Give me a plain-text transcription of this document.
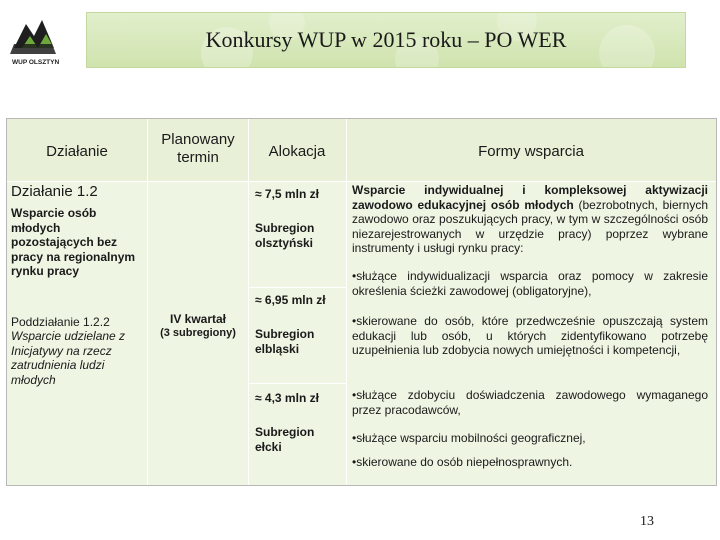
WUP OLSZTYN
Konkursy WUP w 2015 roku – PO WER
Działanie
Planowany termin	Alokacja	Formy wsparcia
Działanie 1.2
Wsparcie osób młodych pozostających bez pracy na regionalnym rynku pracy
Poddziałanie 1.2.2
Wsparcie udzielane z Inicjatywy na rzecz zatrudnienia ludzi młodych
IV kwartał
(3 subregiony)
≈ 7,5 mln zł
Subregion olsztyński
≈ 6,95 mln zł
Subregion elbląski
≈ 4,3 mln zł
Subregion ełcki
Wsparcie indywidualnej i kompleksowej aktywizacji zawodowo edukacyjnej osób młodych (bezrobotnych, biernych zawodowo oraz poszukujących pracy, w tym w szczególności osób niezarejestrowanych w urzędzie pracy) poprzez wybrane instrumenty i usługi rynku pracy:
•służące indywidualizacji wsparcia oraz pomocy w zakresie określenia ścieżki zawodowej (obligatoryjne),
•skierowane do osób, które przedwcześnie opuszczają system edukacji lub osób, u których zidentyfikowano potrzebę uzupełnienia lub zdobycia nowych umiejętności i kompetencji,
•służące zdobyciu doświadczenia zawodowego wymaganego przez pracodawców,
•służące wsparciu mobilności geograficznej,
•skierowane do osób niepełnosprawnych.
13
